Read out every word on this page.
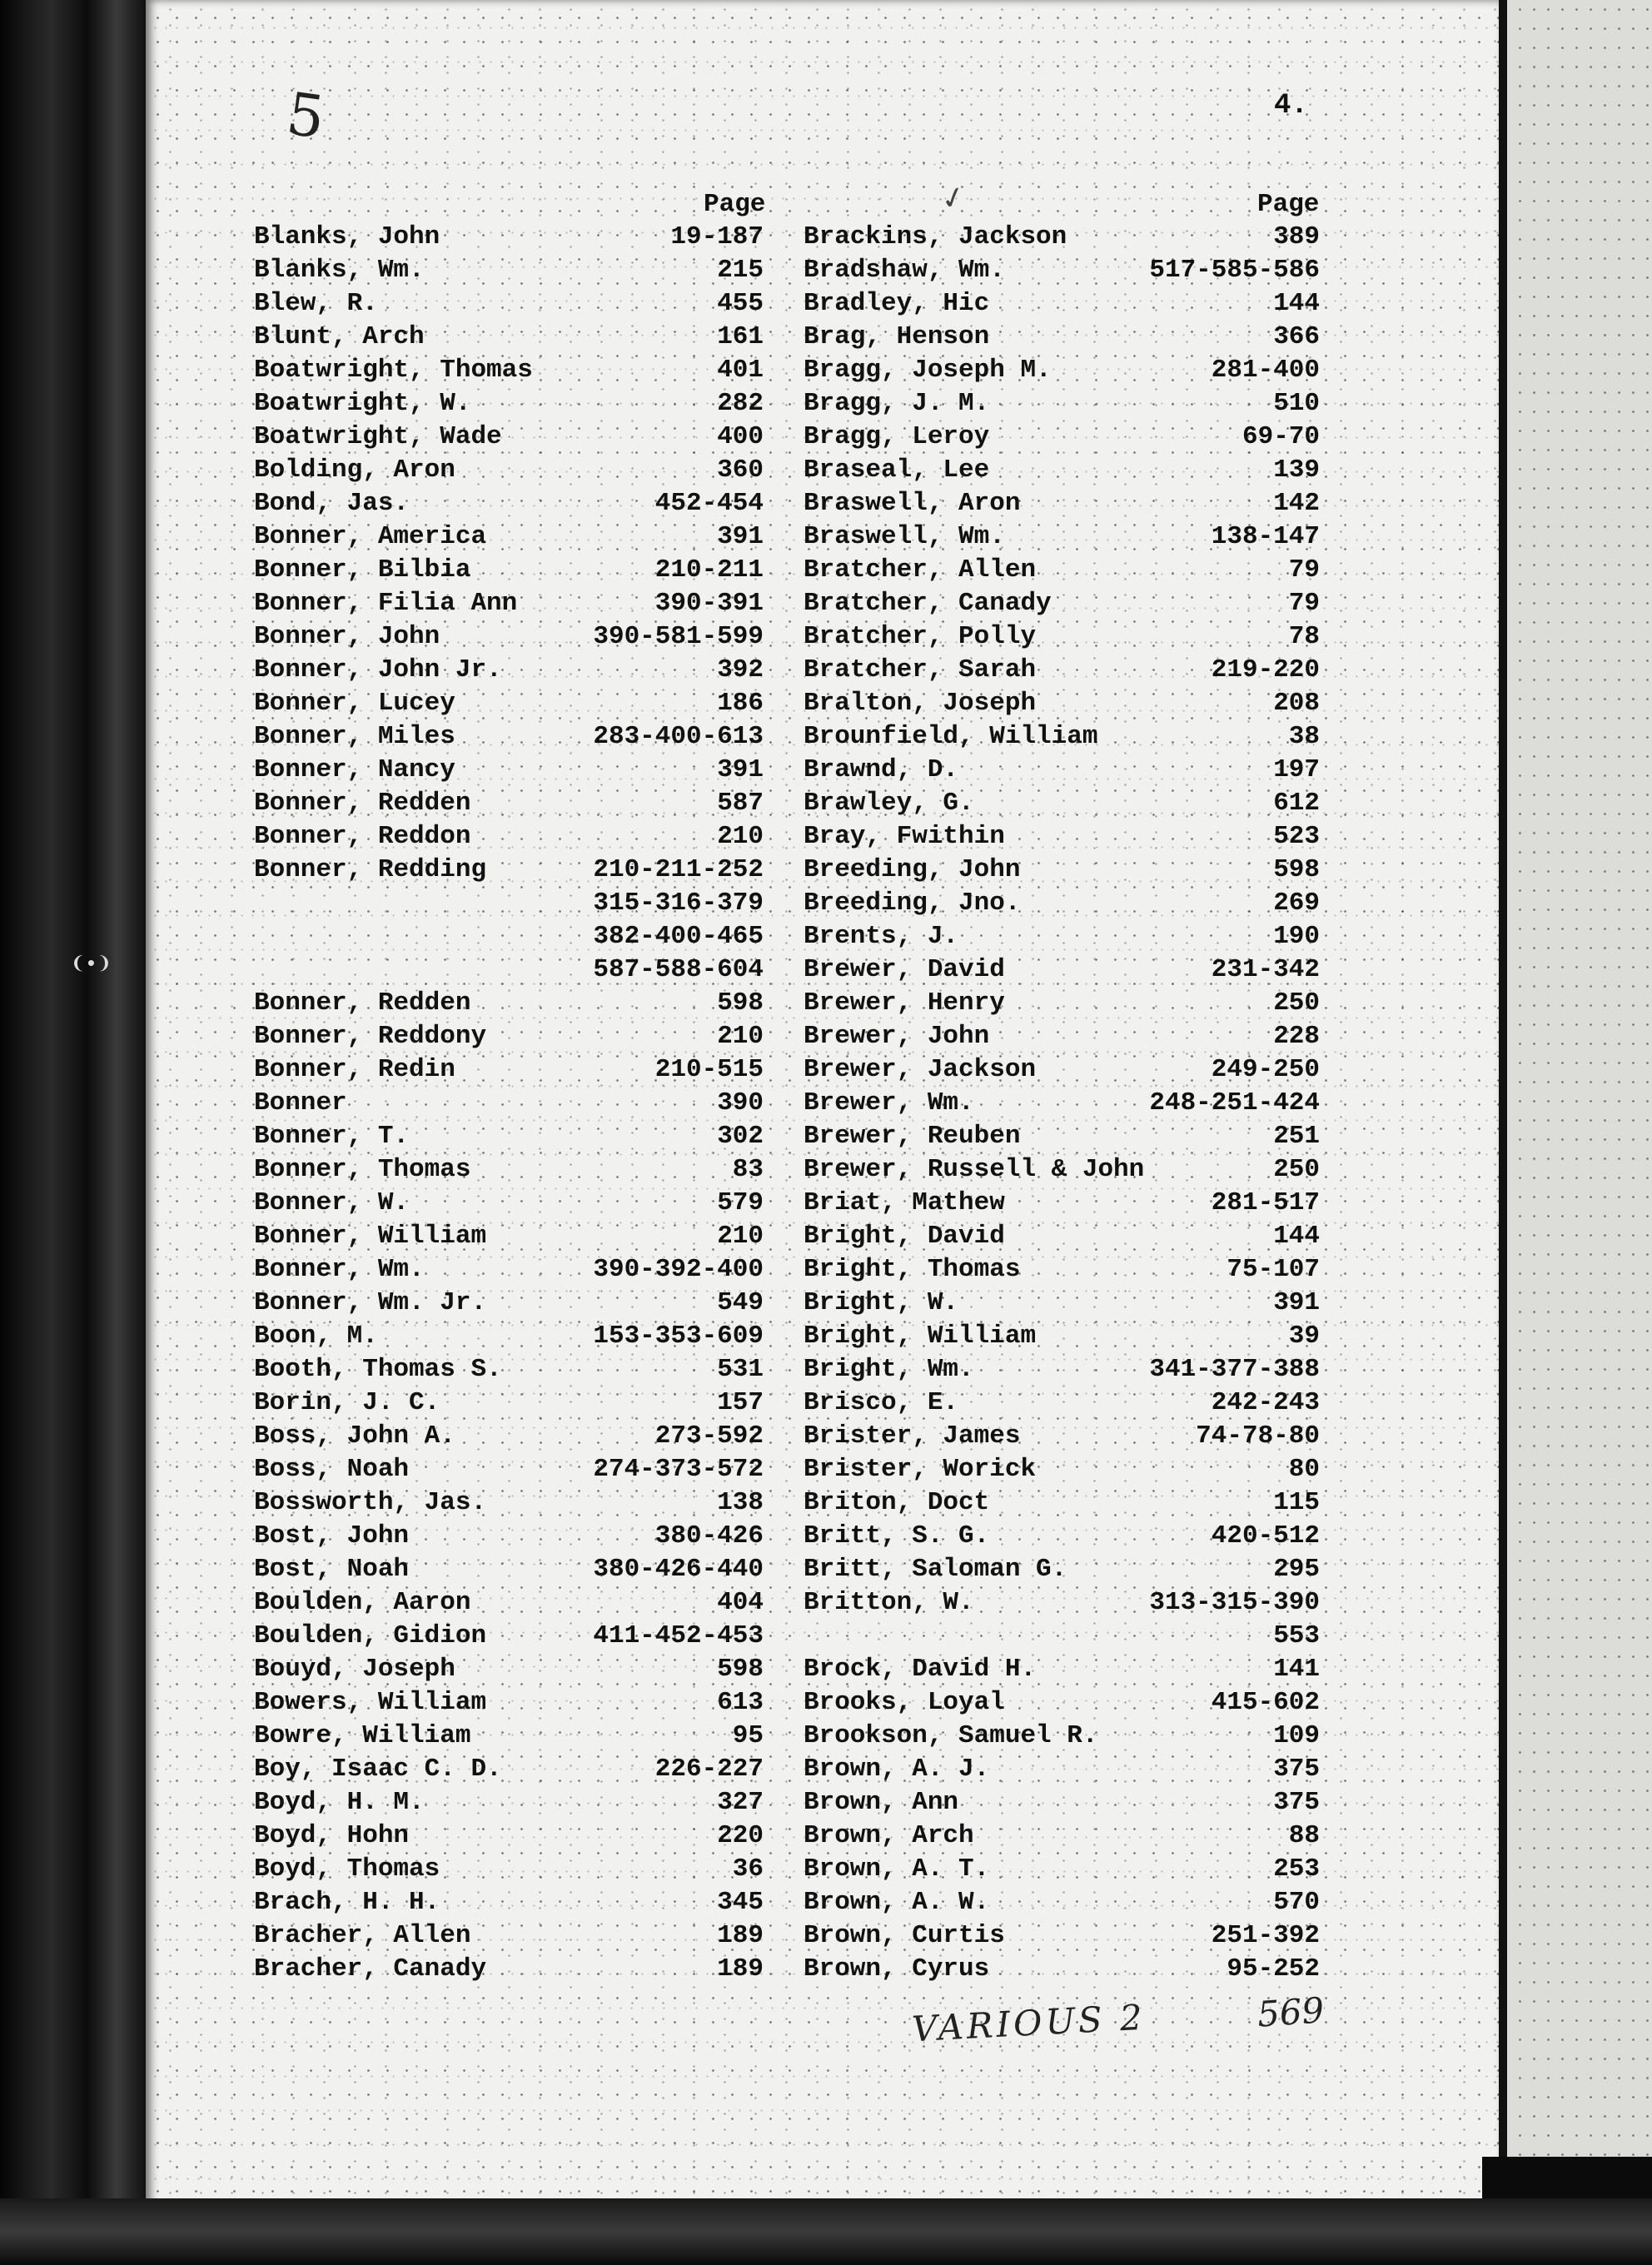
4.
5
✓
❨•❩
Page	Page
Blanks, John	19-187
Blanks, Wm.	215
Blew, R.	455
Blunt, Arch	161
Boatwright, Thomas	401
Boatwright, W.	282
Boatwright, Wade	400
Bolding, Aron	360
Bond, Jas.	452-454
Bonner, America	391
Bonner, Bilbia	210-211
Bonner, Filia Ann	390-391
Bonner, John	390-581-599
Bonner, John Jr.	392
Bonner, Lucey	186
Bonner, Miles	283-400-613
Bonner, Nancy	391
Bonner, Redden	587
Bonner, Reddon	210
Bonner, Redding	210-211-252
315-316-379
382-400-465
587-588-604
Bonner, Redden	598
Bonner, Reddony	210
Bonner, Redin	210-515
Bonner	390
Bonner, T.	302
Bonner, Thomas	83
Bonner, W.	579
Bonner, William	210
Bonner, Wm.	390-392-400
Bonner, Wm. Jr.	549
Boon, M.	153-353-609
Booth, Thomas S.	531
Borin, J. C.	157
Boss, John A.	273-592
Boss, Noah	274-373-572
Bossworth, Jas.	138
Bost, John	380-426
Bost, Noah	380-426-440
Boulden, Aaron	404
Boulden, Gidion	411-452-453
Bouyd, Joseph	598
Bowers, William	613
Bowre, William	95
Boy, Isaac C. D.	226-227
Boyd, H. M.	327
Boyd, Hohn	220
Boyd, Thomas	36
Brach, H. H.	345
Bracher, Allen	189
Bracher, Canady	189
Brackins, Jackson	389
Bradshaw, Wm.	517-585-586
Bradley, Hic	144
Brag, Henson	366
Bragg, Joseph M.	281-400
Bragg, J. M.	510
Bragg, Leroy	69-70
Braseal, Lee	139
Braswell, Aron	142
Braswell, Wm.	138-147
Bratcher, Allen	79
Bratcher, Canady	79
Bratcher, Polly	78
Bratcher, Sarah	219-220
Bralton, Joseph	208
Brounfield, William	38
Brawnd, D.	197
Brawley, G.	612
Bray, Fwithin	523
Breeding, John	598
Breeding, Jno.	269
Brents, J.	190
Brewer, David	231-342
Brewer, Henry	250
Brewer, John	228
Brewer, Jackson	249-250
Brewer, Wm.	248-251-424
Brewer, Reuben	251
Brewer, Russell & John	250
Briat, Mathew	281-517
Bright, David	144
Bright, Thomas	75-107
Bright, W.	391
Bright, William	39
Bright, Wm.	341-377-388
Brisco, E.	242-243
Brister, James	74-78-80
Brister, Worick	80
Briton, Doct	115
Britt, S. G.	420-512
Britt, Saloman G.	295
Britton, W.	313-315-390
553
Brock, David H.	141
Brooks, Loyal	415-602
Brookson, Samuel R.	109
Brown, A. J.	375
Brown, Ann	375
Brown, Arch	88
Brown, A. T.	253
Brown, A. W.	570
Brown, Curtis	251-392
Brown, Cyrus	95-252
VARIOUS 2	569
